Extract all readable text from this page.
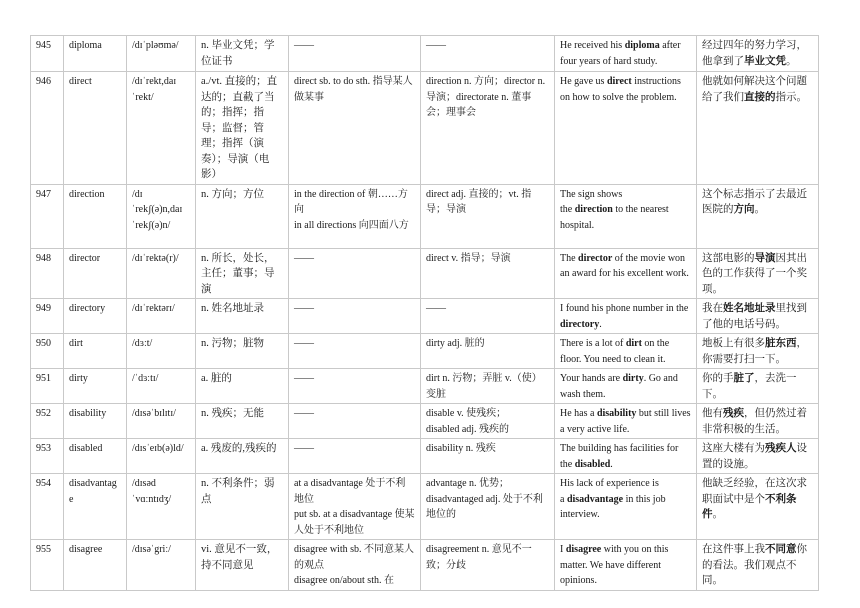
945	diploma	/dɪˈpləʊmə/	n. 毕业文凭；学位证书	——	——	He received his diploma after four years of hard study.	经过四年的努力学习，他拿到了毕业文凭。
946	direct	/dɪˈrekt,daɪˈrekt/	a./vt. 直接的；直达的；直截了当的；指挥；指导；监督；管理；指挥（演奏）；导演（电影）	direct sb. to do sth. 指导某人做某事	direction n. 方向；director n. 导演；directorate n. 董事会；理事会	He gave us direct instructions on how to solve the problem.	他就如何解决这个问题给了我们直接的指示。
947	direction	/dɪˈrekʃ(ə)n,daɪˈrekʃ(ə)n/	n. 方向；方位	in the direction of 朝……方向
in all directions 向四面八方	direct adj. 直接的；vt. 指导；导演	The sign shows
the direction to the nearest hospital.	这个标志指示了去最近医院的方向。
948	director	/dɪˈrektə(r)/	n. 所长，处长，主任；董事；导演	——	direct v. 指导；导演	The director of the movie won an award for his excellent work.	这部电影的导演因其出色的工作获得了一个奖项。
949	directory	/dɪˈrektərɪ/	n. 姓名地址录	——	——	I found his phone number in the directory.	我在姓名地址录里找到了他的电话号码。
950	dirt	/dɜːt/	n. 污物；脏物	——	dirty adj. 脏的	There is a lot of dirt on the floor. You need to clean it.	地板上有很多脏东西，你需要打扫一下。
951	dirty	/ˈdɜːtɪ/	a. 脏的	——	dirt n. 污物；弄脏 v.（使）变脏	Your hands are dirty. Go and wash them.	你的手脏了，去洗一下。
952	disability	/dɪsəˈbɪlɪtɪ/	n. 残疾；无能	——	disable v. 使残疾；
disabled adj. 残疾的	He has a disability but still lives a very active life.	他有残疾，但仍然过着非常积极的生活。
953	disabled	/dɪsˈeɪb(ə)ld/	a. 残废的,残疾的	——	disability n. 残疾	The building has facilities for the disabled.	这座大楼有为残疾人设置的设施。
954	disadvantage	/dɪsədˈvɑːntɪdʒ/	n. 不利条件；弱点	at a disadvantage 处于不利地位
put sb. at a disadvantage 使某人处于不利地位	advantage n. 优势；
disadvantaged adj. 处于不利地位的	His lack of experience is
a disadvantage in this job interview.	他缺乏经验，在这次求职面试中是个不利条件。
955	disagree	/dɪsəˈgriː/	vi. 意见不一致，持不同意见	disagree with sb. 不同意某人的观点
disagree on/about sth. 在	disagreement n. 意见不一致；分歧	I disagree with you on this matter. We have different opinions.	在这件事上我不同意你的看法。我们观点不同。
